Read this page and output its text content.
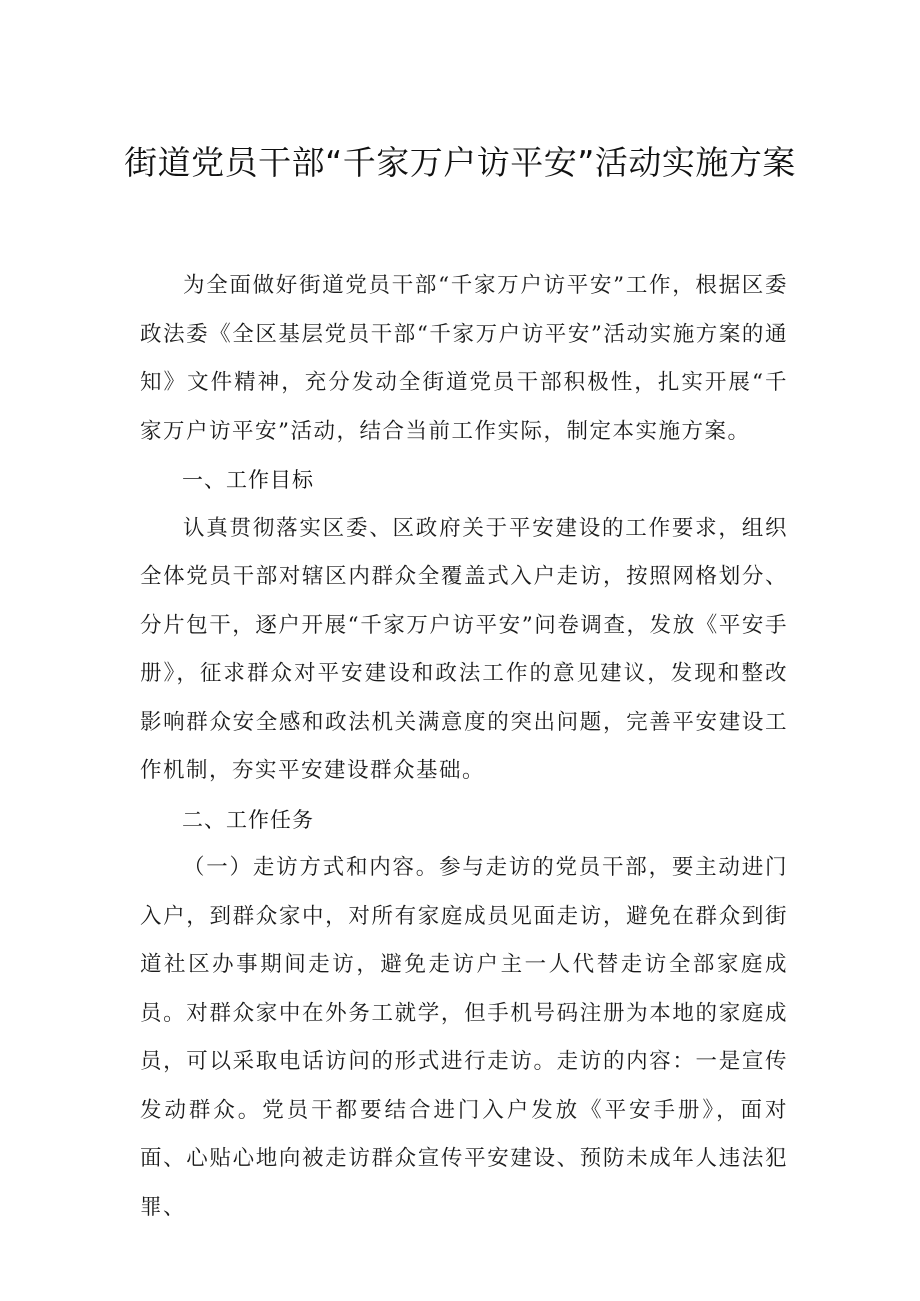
街道党员干部“千家万户访平安”活动实施方案

为全面做好街道党员干部“千家万户访平安”工作，根据区委政法委《全区基层党员干部“千家万户访平安”活动实施方案的通知》文件精神，充分发动全街道党员干部积极性，扎实开展“千家万户访平安”活动，结合当前工作实际，制定本实施方案。

一、工作目标

认真贯彻落实区委、区政府关于平安建设的工作要求，组织全体党员干部对辖区内群众全覆盖式入户走访，按照网格划分、分片包干，逐户开展“千家万户访平安”问卷调查，发放《平安手册》，征求群众对平安建设和政法工作的意见建议，发现和整改影响群众安全感和政法机关满意度的突出问题，完善平安建设工作机制，夯实平安建设群众基础。

二、工作任务

（一）走访方式和内容。参与走访的党员干部，要主动进门入户，到群众家中，对所有家庭成员见面走访，避免在群众到街道社区办事期间走访，避免走访户主一人代替走访全部家庭成员。对群众家中在外务工就学，但手机号码注册为本地的家庭成员，可以采取电话访问的形式进行走访。走访的内容：一是宣传发动群众。党员干都要结合进门入户发放《平安手册》，面对面、心贴心地向被走访群众宣传平安建设、预防未成年人违法犯罪、
